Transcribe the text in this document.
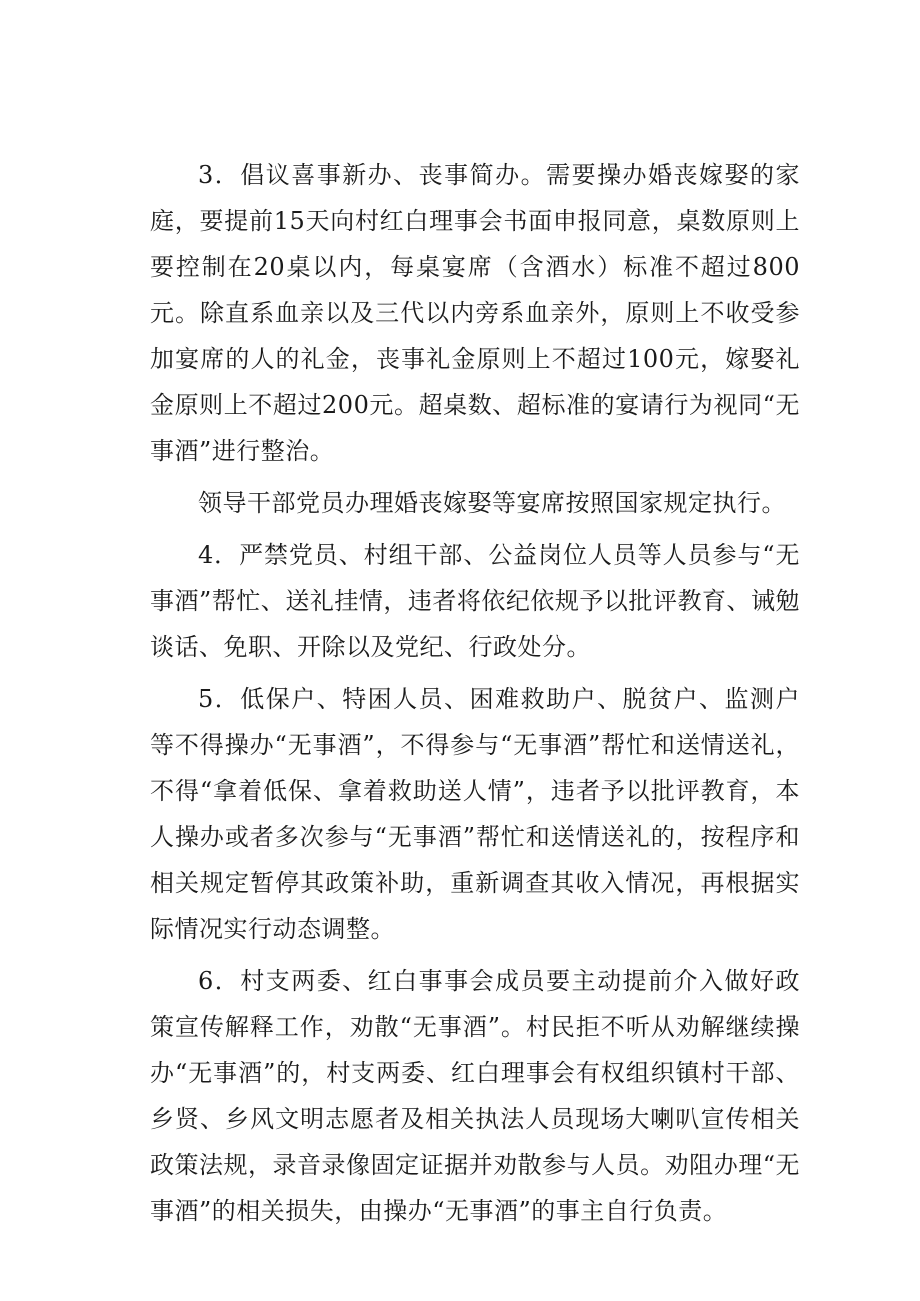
3．倡议喜事新办、丧事简办。需要操办婚丧嫁娶的家庭，要提前15天向村红白理事会书面申报同意，桌数原则上要控制在20桌以内，每桌宴席（含酒水）标准不超过800元。除直系血亲以及三代以内旁系血亲外，原则上不收受参加宴席的人的礼金，丧事礼金原则上不超过100元，嫁娶礼金原则上不超过200元。超桌数、超标准的宴请行为视同“无事酒”进行整治。

领导干部党员办理婚丧嫁娶等宴席按照国家规定执行。

4．严禁党员、村组干部、公益岗位人员等人员参与“无事酒”帮忙、送礼挂情，违者将依纪依规予以批评教育、诫勉谈话、免职、开除以及党纪、行政处分。

5．低保户、特困人员、困难救助户、脱贫户、监测户等不得操办“无事酒”，不得参与“无事酒”帮忙和送情送礼，不得“拿着低保、拿着救助送人情”，违者予以批评教育，本人操办或者多次参与“无事酒”帮忙和送情送礼的，按程序和相关规定暂停其政策补助，重新调查其收入情况，再根据实际情况实行动态调整。

6．村支两委、红白事事会成员要主动提前介入做好政策宣传解释工作，劝散“无事酒”。村民拒不听从劝解继续操办“无事酒”的，村支两委、红白理事会有权组织镇村干部、乡贤、乡风文明志愿者及相关执法人员现场大喇叭宣传相关政策法规，录音录像固定证据并劝散参与人员。劝阻办理“无事酒”的相关损失，由操办“无事酒”的事主自行负责。
